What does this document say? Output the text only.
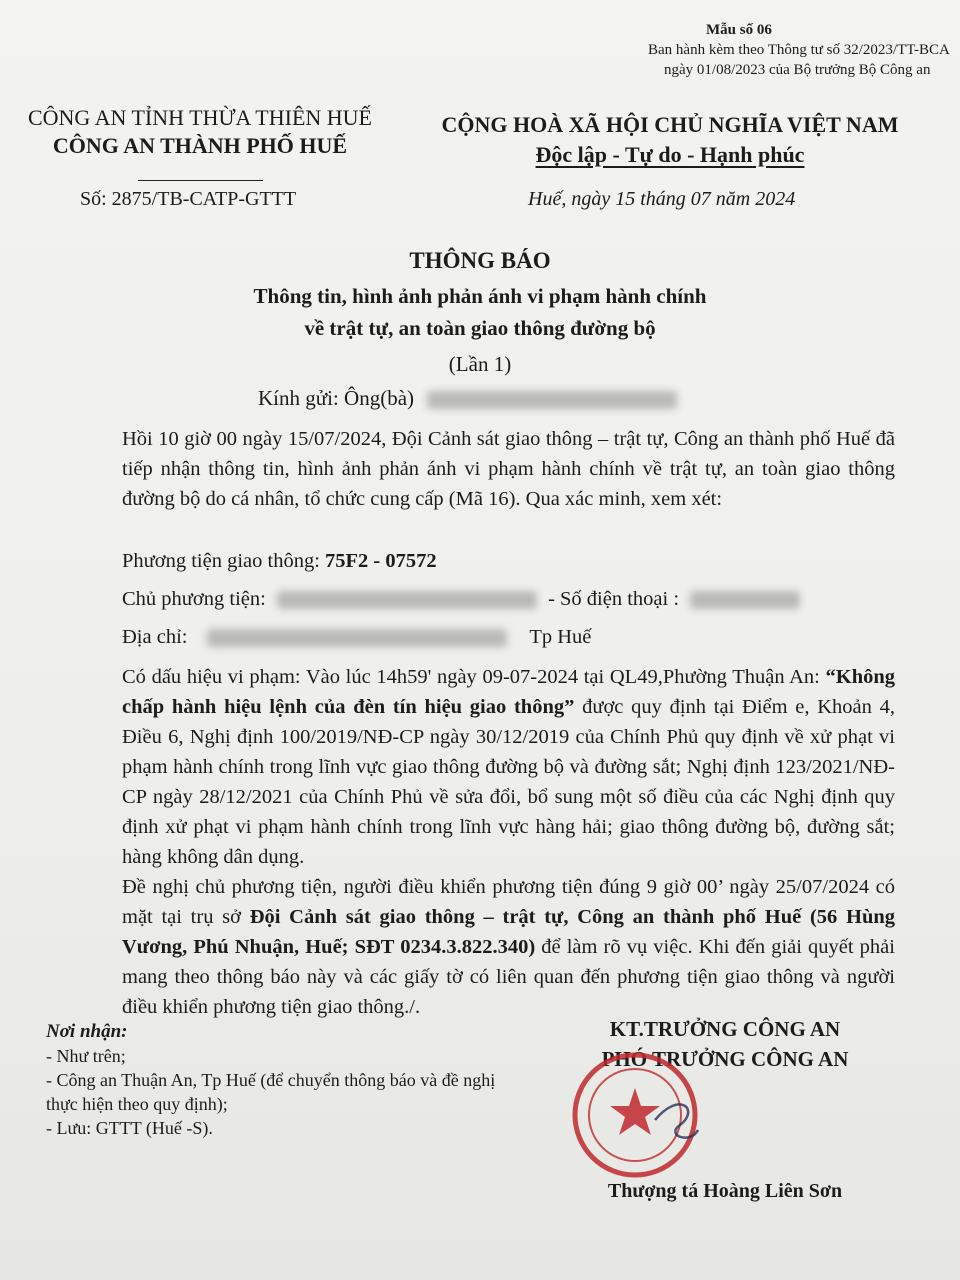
Mẫu số 06
Ban hành kèm theo Thông tư số 32/2023/TT-BCA
ngày 01/08/2023 của Bộ trưởng Bộ Công an
CÔNG AN TỈNH THỪA THIÊN HUẾ
CÔNG AN THÀNH PHỐ HUẾ
CỘNG HOÀ XÃ HỘI CHỦ NGHĨA VIỆT NAM
Độc lập - Tự do - Hạnh phúc
Số: 2875/TB-CATP-GTTT	Huế, ngày 15 tháng 07 năm 2024
THÔNG BÁO
Thông tin, hình ảnh phản ánh vi phạm hành chính
về trật tự, an toàn giao thông đường bộ
(Lần 1)
Kính gửi: Ông(bà)
Hồi 10 giờ 00 ngày 15/07/2024, Đội Cảnh sát giao thông – trật tự, Công an thành phố Huế đã tiếp nhận thông tin, hình ảnh phản ánh vi phạm hành chính về trật tự, an toàn giao thông đường bộ do cá nhân, tổ chức cung cấp (Mã 16). Qua xác minh, xem xét:
Phương tiện giao thông: 75F2 - 07572
Chủ phương tiện:	- Số điện thoại :
Địa chỉ:	Tp Huế
Có dấu hiệu vi phạm: Vào lúc 14h59' ngày 09-07-2024 tại QL49,Phường Thuận An: “Không chấp hành hiệu lệnh của đèn tín hiệu giao thông” được quy định tại Điểm e, Khoản 4, Điều 6, Nghị định 100/2019/NĐ-CP ngày 30/12/2019 của Chính Phủ quy định về xử phạt vi phạm hành chính trong lĩnh vực giao thông đường bộ và đường sắt; Nghị định 123/2021/NĐ-CP ngày 28/12/2021 của Chính Phủ về sửa đổi, bổ sung một số điều của các Nghị định quy định xử phạt vi phạm hành chính trong lĩnh vực hàng hải; giao thông đường bộ, đường sắt; hàng không dân dụng.
Đề nghị chủ phương tiện, người điều khiển phương tiện đúng 9 giờ 00’ ngày 25/07/2024 có mặt tại trụ sở Đội Cảnh sát giao thông – trật tự, Công an thành phố Huế (56 Hùng Vương, Phú Nhuận, Huế; SĐT 0234.3.822.340) để làm rõ vụ việc. Khi đến giải quyết phải mang theo thông báo này và các giấy tờ có liên quan đến phương tiện giao thông và người điều khiển phương tiện giao thông./.
Nơi nhận:
- Như trên;
- Công an Thuận An, Tp Huế (để chuyển thông báo và đề nghị thực hiện theo quy định);
- Lưu: GTTT (Huế -S).
KT.TRƯỞNG CÔNG AN
PHÓ TRƯỞNG CÔNG AN
Thượng tá Hoàng Liên Sơn
